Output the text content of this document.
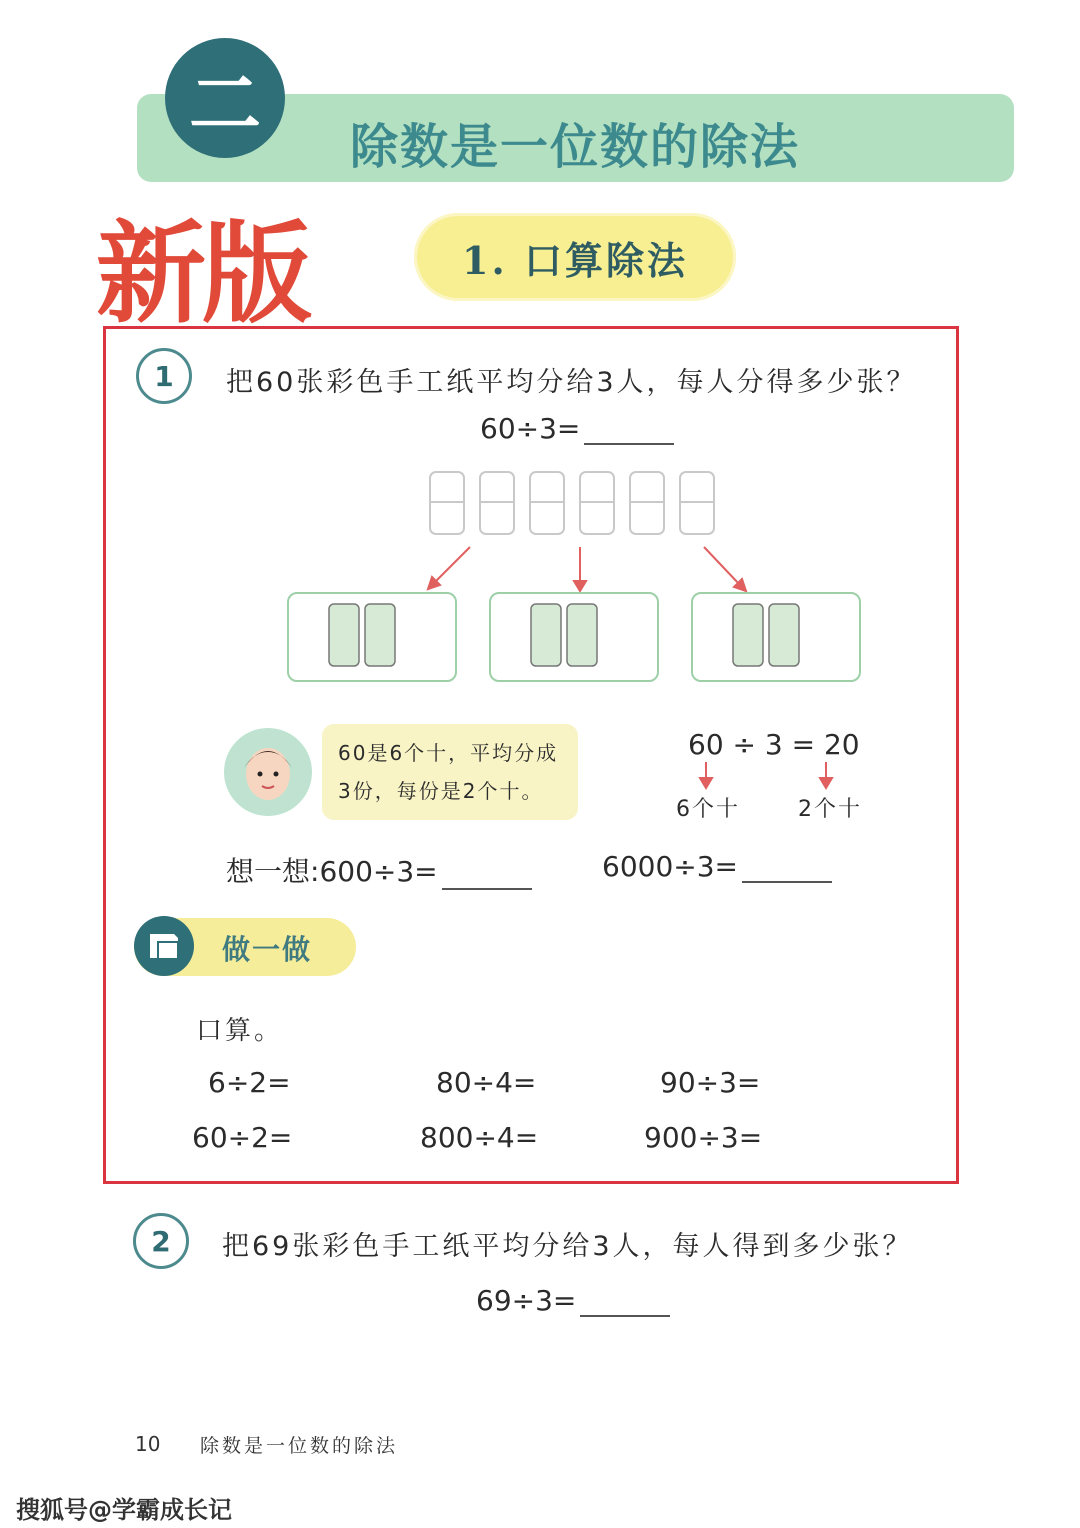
二
除数是一位数的除法
新版	1. 口算除法
1	把60张彩色手工纸平均分给3人，每人分得多少张？
60÷3=
60是6个十，平均分成
3份，每份是2个十。
60 ÷ 3 = 20
6个十	2个十
想一想:600÷3=	6000÷3=
做一做
口算。
6÷2=	80÷4=	90÷3=
60÷2=	800÷4=	900÷3=
2	把69张彩色手工纸平均分给3人，每人得到多少张？
69÷3=
10 除数是一位数的除法
搜狐号@学霸成长记
